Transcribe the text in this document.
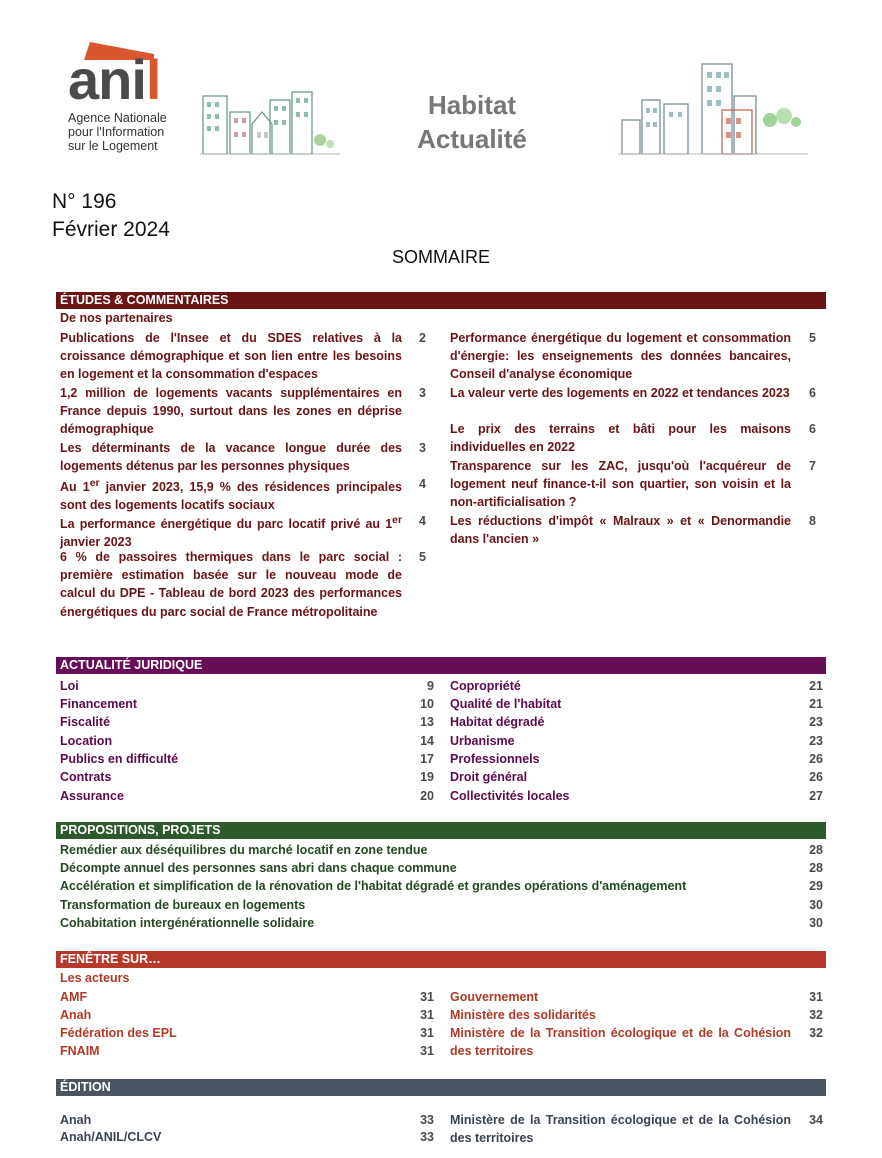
anil
Agence Nationale
pour l'Information
sur le Logement
Habitat
Actualité
N° 196
Février 2024
SOMMAIRE
ÉTUDES & COMMENTAIRES
De nos partenaires
Publications de l'Insee et du SDES relatives à la croissance démographique et son lien entre les besoins en logement et la consommation d'espaces
2
1,2 million de logements vacants supplémentaires en France depuis 1990, surtout dans les zones en déprise démographique
3
Les déterminants de la vacance longue durée des logements détenus par les personnes physiques
3
Au 1er janvier 2023, 15,9 % des résidences principales sont des logements locatifs sociaux
4
La performance énergétique du parc locatif privé au 1er janvier 2023
4
6 % de passoires thermiques dans le parc social : première estimation basée sur le nouveau mode de calcul du DPE - Tableau de bord 2023 des performances énergétiques du parc social de France métropolitaine
5
Performance énergétique du logement et consommation d'énergie: les enseignements des données bancaires, Conseil d'analyse économique
5
La valeur verte des logements en 2022 et tendances 2023	6
Le prix des terrains et bâti pour les maisons individuelles en 2022
6
Transparence sur les ZAC, jusqu'où l'acquéreur de logement neuf finance-t-il son quartier, son voisin et la non-artificialisation ?
7
Les réductions d'impôt « Malraux » et « Denormandie dans l'ancien »
8
ACTUALITÉ JURIDIQUE
Loi	9
Financement	10
Fiscalité	13
Location	14
Publics en difficulté	17
Contrats	19
Assurance	20
Copropriété	21
Qualité de l'habitat	21
Habitat dégradé	23
Urbanisme	23
Professionnels	26
Droit général	26
Collectivités locales	27
PROPOSITIONS, PROJETS
Remédier aux déséquilibres du marché locatif en zone tendue	28
Décompte annuel des personnes sans abri dans chaque commune	28
Accélération et simplification de la rénovation de l'habitat dégradé et grandes opérations d'aménagement	29
Transformation de bureaux en logements	30
Cohabitation intergénérationnelle solidaire	30
FENÊTRE SUR…
Les acteurs
AMF	31
Anah	31
Fédération des EPL	31
FNAIM	31
Gouvernement	31
Ministère des solidarités	32
Ministère de la Transition écologique et de la Cohésion des territoires
32
ÉDITION
Anah	33
Anah/ANIL/CLCV	33
Ministère de la Transition écologique et de la Cohésion des territoires
34
